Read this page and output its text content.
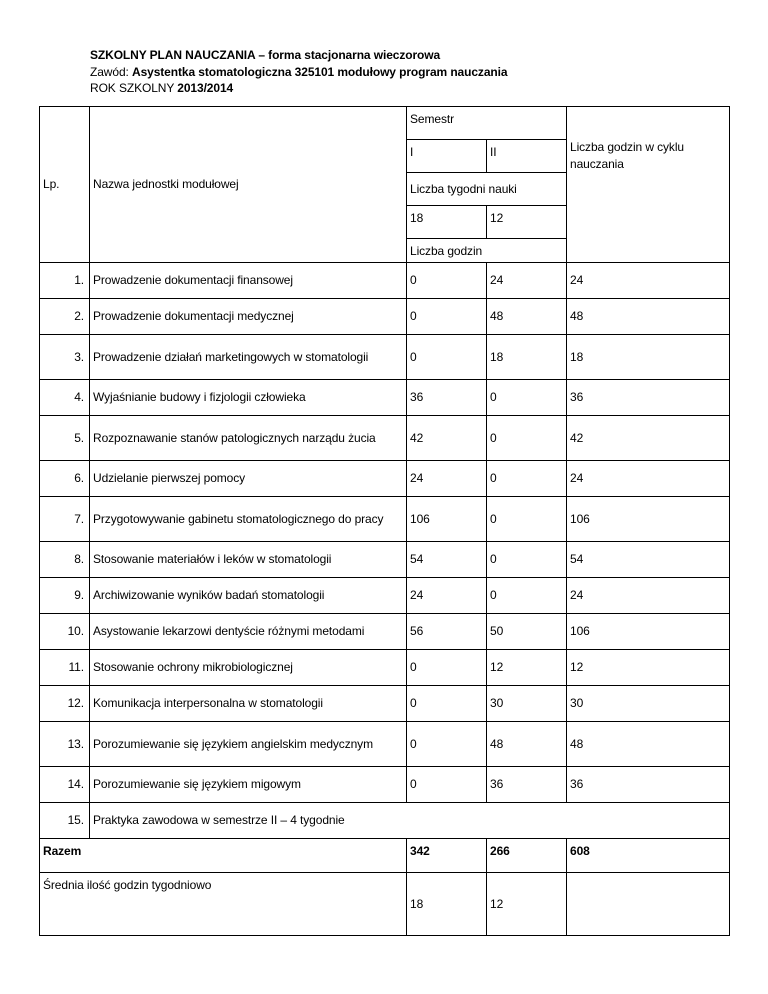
SZKOLNY PLAN NAUCZANIA – forma stacjonarna wieczorowa
Zawód: Asystentka stomatologiczna 325101 modułowy program nauczania
ROK SZKOLNY 2013/2014
Lp.	Nazwa jednostki modułowej	Semestr		Liczba godzin w cyklu nauczania
		I	II	
		Liczba tygodni nauki		
		18	12	
		Liczba godzin		
1.	Prowadzenie dokumentacji finansowej	0	24	24
2.	Prowadzenie dokumentacji medycznej	0	48	48
3.	Prowadzenie działań marketingowych w stomatologii	0	18	18
4.	Wyjaśnianie budowy i fizjologii człowieka	36	0	36
5.	Rozpoznawanie stanów patologicznych narządu żucia	42	0	42
6.	Udzielanie pierwszej pomocy	24	0	24
7.	Przygotowywanie gabinetu stomatologicznego do pracy	106	0	106
8.	Stosowanie materiałów i leków w stomatologii	54	0	54
9.	Archiwizowanie wyników badań stomatologii	24	0	24
10.	Asystowanie lekarzowi dentyście różnymi metodami	56	50	106
11.	Stosowanie ochrony mikrobiologicznej	0	12	12
12.	Komunikacja interpersonalna w stomatologii	0	30	30
13.	Porozumiewanie się językiem angielskim medycznym	0	48	48
14.	Porozumiewanie się językiem migowym	0	36	36
15.	Praktyka zawodowa w semestrze II – 4 tygodnie			
Razem		342	266	608
Średnia ilość godzin tygodniowo		18	12	
